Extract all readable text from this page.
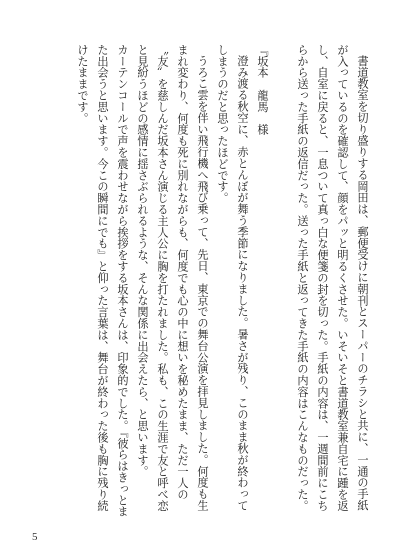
書道教室を切り盛りする岡田は、郵便受けに朝刊とスーパーのチラシと共に、一通の手紙が入っているのを確認して、顔をパッと明るくさせた。いそいそと書道教室兼自宅に踵を返し、自室に戻ると、一息ついて真っ白な便箋の封を切った。手紙の内容は、一週間前にこちらから送った手紙の返信だった。送った手紙と返ってきた手紙の内容はこんなものだった。

『坂本　龍馬　様

澄み渡る秋空に、赤とんぼが舞う季節になりました。暑さが残り、このまま秋が終わってしまうのだと思ったほどです。

うろこ雲を伴い飛行機へ飛び乗って、先日、東京での舞台公演を拝見しました。何度も生まれ変わり、何度も死に別れながらも、何度でも心の中に想いを秘めたまま、ただ一人の〝友〟を慈しんだ坂本さん演じる主人公に胸を打たれました。私も、この生涯で友と呼べ恋と見紛うほどの感情に揺さぶられるような、そんな関係に出会えたら、と思います。

カーテンコールで声を震わせながら挨拶をする坂本さんは、印象的でした。『彼らはきっとまた出会うと思います。今この瞬間にでも』と仰った言葉は、舞台が終わった後も胸に残り続けたままです。

5
